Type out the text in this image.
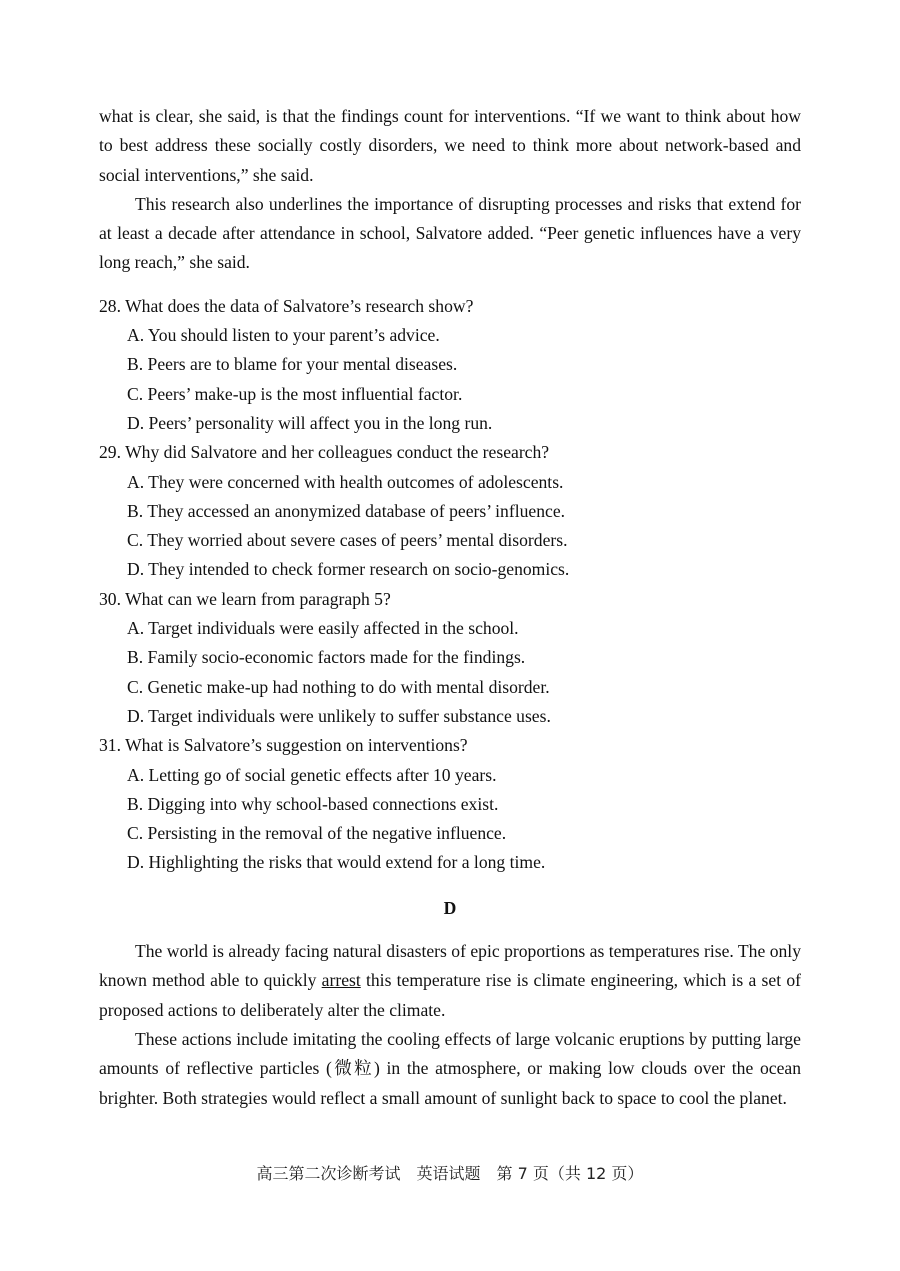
what is clear, she said, is that the findings count for interventions. “If we want to think about how to best address these socially costly disorders, we need to think more about network-based and social interventions,” she said.

This research also underlines the importance of disrupting processes and risks that extend for at least a decade after attendance in school, Salvatore added. “Peer genetic influences have a very long reach,” she said.

28. What does the data of Salvatore’s research show?

A. You should listen to your parent’s advice.

B. Peers are to blame for your mental diseases.

C. Peers’ make-up is the most influential factor.

D. Peers’ personality will affect you in the long run.

29. Why did Salvatore and her colleagues conduct the research?

A. They were concerned with health outcomes of adolescents.

B. They accessed an anonymized database of peers’ influence.

C. They worried about severe cases of peers’ mental disorders.

D. They intended to check former research on socio-genomics.

30. What can we learn from paragraph 5?

A. Target individuals were easily affected in the school.

B. Family socio-economic factors made for the findings.

C. Genetic make-up had nothing to do with mental disorder.

D. Target individuals were unlikely to suffer substance uses.

31. What is Salvatore’s suggestion on interventions?

A. Letting go of social genetic effects after 10 years.

B. Digging into why school-based connections exist.

C. Persisting in the removal of the negative influence.

D. Highlighting the risks that would extend for a long time.

D

The world is already facing natural disasters of epic proportions as temperatures rise. The only known method able to quickly arrest this temperature rise is climate engineering, which is a set of proposed actions to deliberately alter the climate.

These actions include imitating the cooling effects of large volcanic eruptions by putting large amounts of reflective particles (微粒) in the atmosphere, or making low clouds over the ocean brighter. Both strategies would reflect a small amount of sunlight back to space to cool the planet.

高三第二次诊断考试　英语试题　第 7 页（共 12 页）
